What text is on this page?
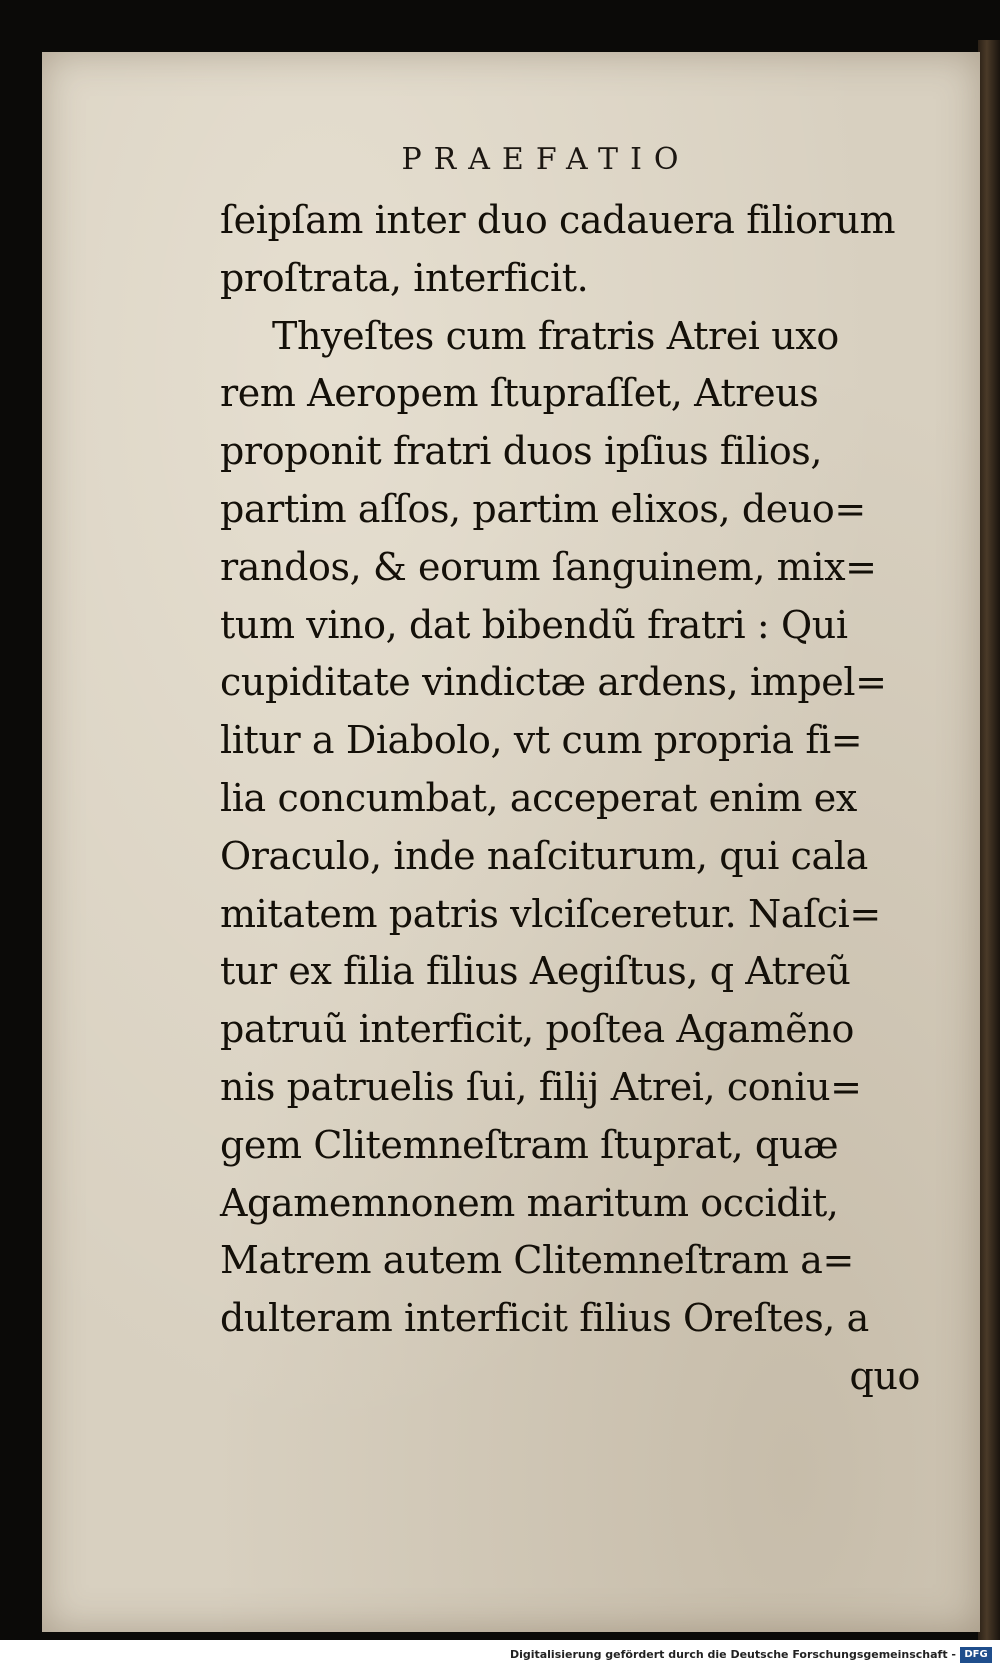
PRAEFATIO
ſeipſam inter duo cadauera filiorum
proſtrata, interficit.
Thyeſtes cum fratris Atrei uxo
rem Aeropem ſtupraſſet, Atreus
proponit fratri duos ipſius filios,
partim aſſos, partim elixos, deuo=
randos, & eorum ſanguinem, mix=
tum vino, dat bibendũ fratri : Qui
cupiditate vindictæ ardens, impel=
litur a Diabolo, vt cum propria fi=
lia concumbat, acceperat enim ex
Oraculo, inde naſciturum, qui cala
mitatem patris vlciſceretur. Naſci=
tur ex filia filius Aegiſtus, q Atreũ
patruũ interficit, poſtea Agamẽno
nis patruelis ſui, filij Atrei, coniu=
gem Clitemneſtram ſtuprat, quæ
Agamemnonem maritum occidit,
Matrem autem Clitemneſtram a=
dulteram interficit filius Oreſtes, a
quo
Digitalisierung gefördert durch die Deutsche Forschungsgemeinschaft - DFG
